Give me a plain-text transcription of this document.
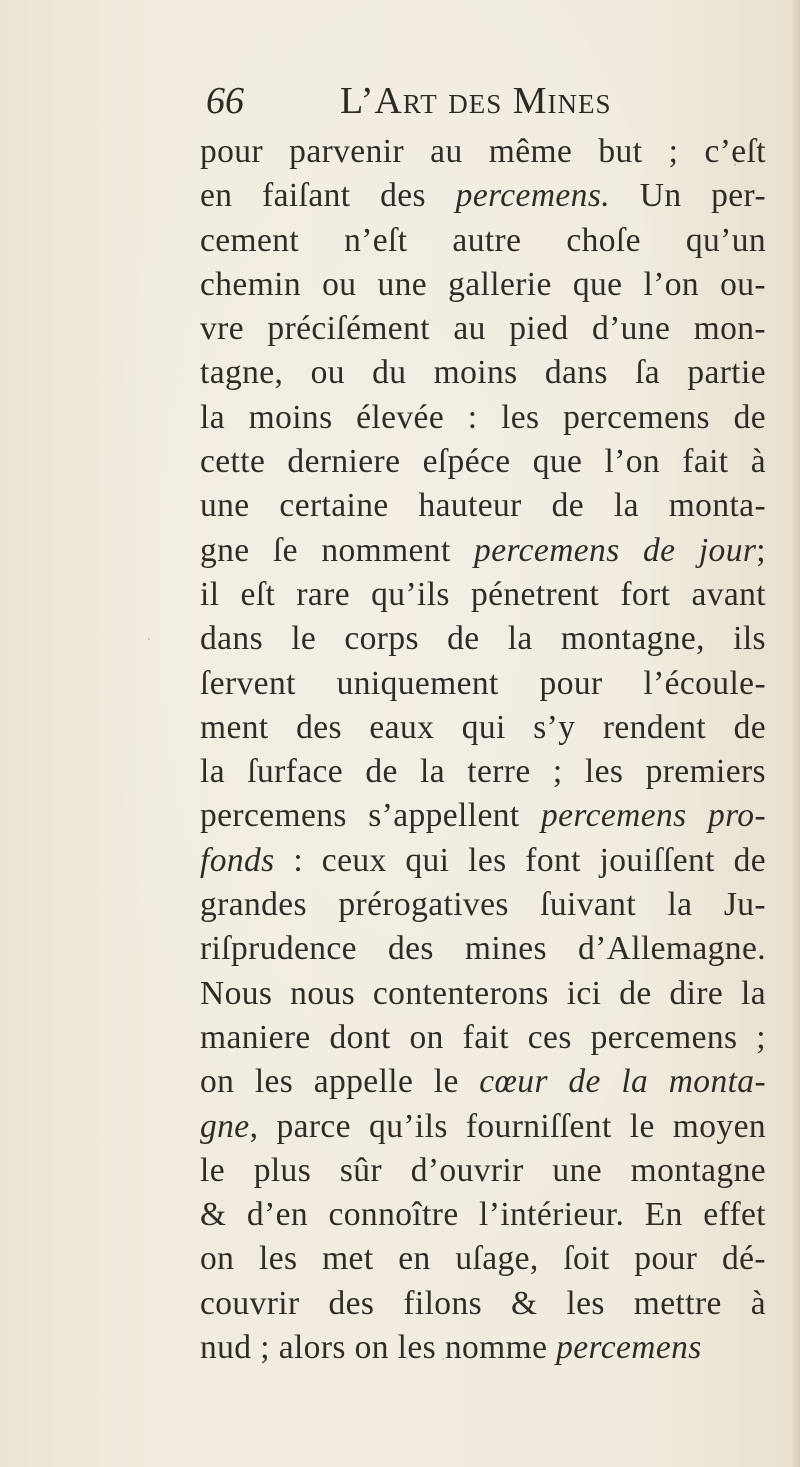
66	L’Art des Mines
pour parvenir au même but ; c’eſt
en faiſant des percemens. Un per-
cement n’eſt autre choſe qu’un
chemin ou une gallerie que l’on ou-
vre préciſément au pied d’une mon-
tagne, ou du moins dans ſa partie
la moins élevée : les percemens de
cette derniere eſpéce que l’on fait à
une certaine hauteur de la monta-
gne ſe nomment percemens de jour;
il eſt rare qu’ils pénetrent fort avant
dans le corps de la montagne, ils
ſervent uniquement pour l’écoule-
ment des eaux qui s’y rendent de
la ſurface de la terre ; les premiers
percemens s’appellent percemens pro-
fonds : ceux qui les font jouiſſent de
grandes prérogatives ſuivant la Ju-
riſprudence des mines d’Allemagne.
Nous nous contenterons ici de dire la
maniere dont on fait ces percemens ;
on les appelle le cœur de la monta-
gne, parce qu’ils fourniſſent le moyen
le plus sûr d’ouvrir une montagne
& d’en connoître l’intérieur. En effet
on les met en uſage, ſoit pour dé-
couvrir des filons & les mettre à
nud ; alors on les nomme percemens
